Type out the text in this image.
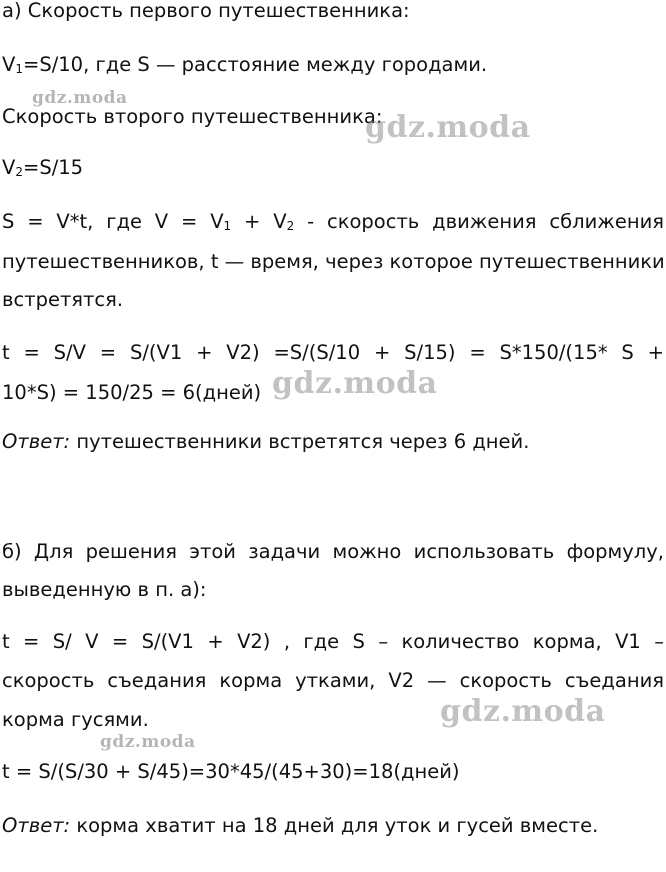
а) Скорость первого путешественника:
$V_1=S/10$, где S — расстояние между городами.
Скорость второго путешественника:
$V_2=S/15$
S = V*t, где $V = V_1 + V_2$ - скорость движения сближения
путешественников, t — время, через которое путешественники
встретятся.
t = S/V = S/(V1 + V2) =S/(S/10 + S/15) = S*150/(15* S +
10*S) = 150/25 = 6(дней)
Ответ: путешественники встретятся через 6 дней.
б) Для решения этой задачи можно использовать формулу,
выведенную в п. а):
t = S/ V = S/(V1 + V2) , где S – количество корма, V1 –
скорость съедания корма утками, V2 — скорость съедания
корма гусями.
t = S/(S/30 + S/45)=30*45/(45+30)=18(дней)
Ответ: корма хватит на 18 дней для уток и гусей вместе.
gdz.moda
gdz.moda
gdz.moda
gdz.moda
gdz.moda
